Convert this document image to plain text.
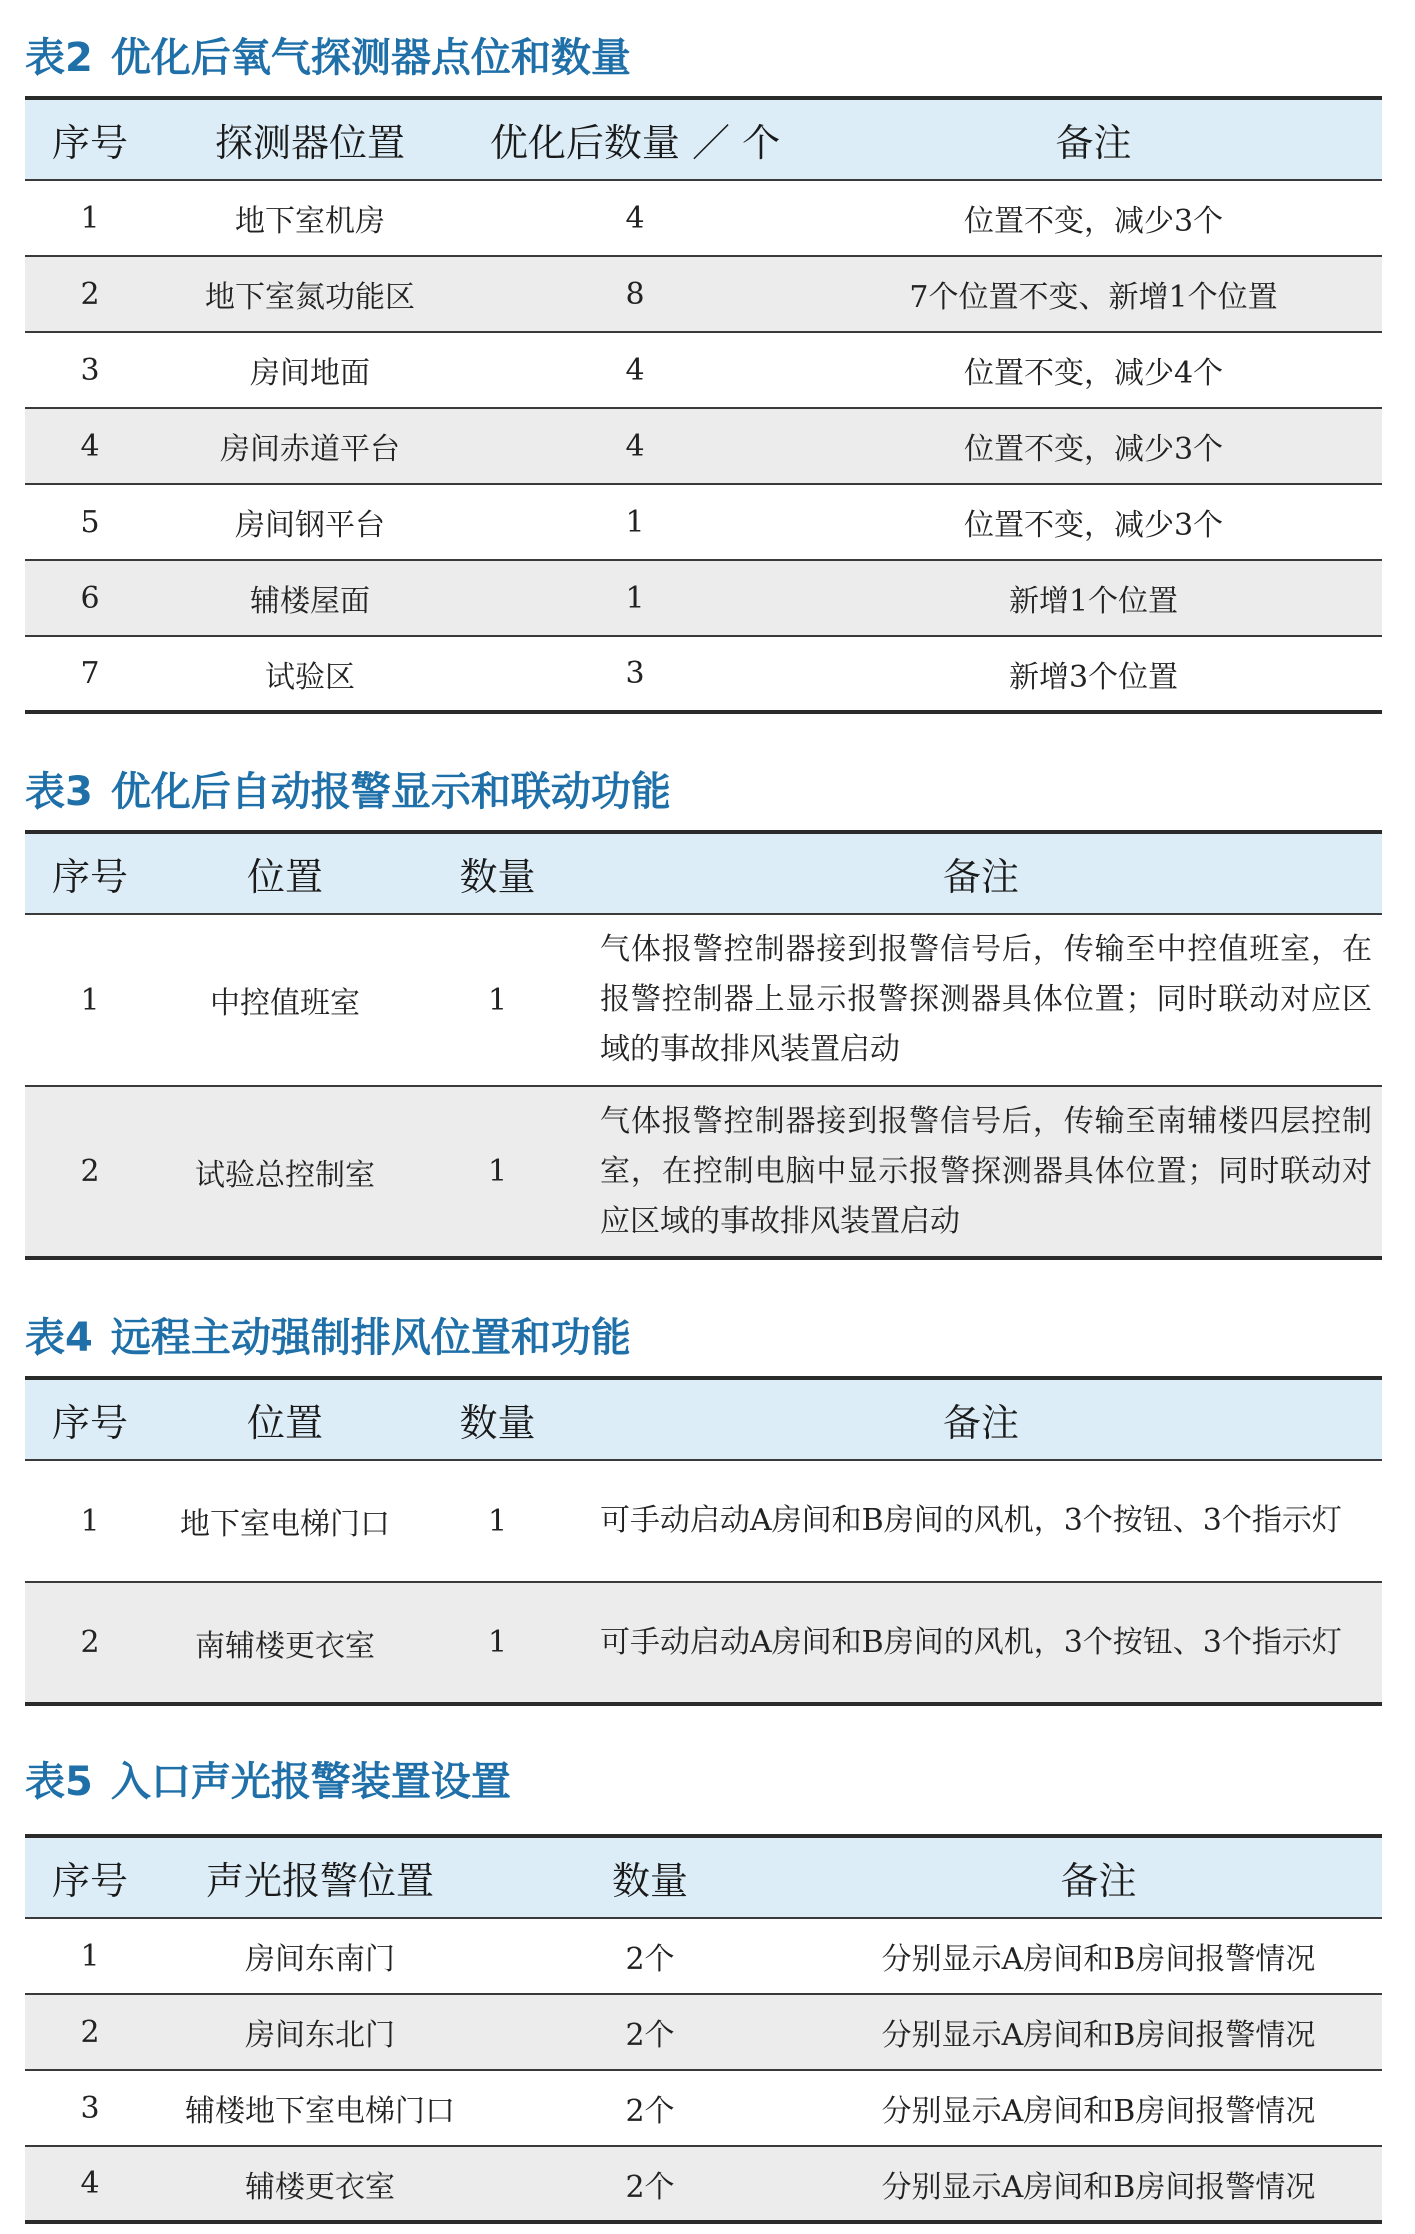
表2 优化后氧气探测器点位和数量
序号	探测器位置	优化后数量 ／ 个	备注
1	地下室机房	4	位置不变，减少3个
2	地下室氮功能区	8	7个位置不变、新增1个位置
3	房间地面	4	位置不变，减少4个
4	房间赤道平台	4	位置不变，减少3个
5	房间钢平台	1	位置不变，减少3个
6	辅楼屋面	1	新增1个位置
7	试验区	3	新增3个位置
表3 优化后自动报警显示和联动功能
序号	位置	数量	备注
1	中控值班室	1	气体报警控制器接到报警信号后，传输至中控值班室，在报警控制器上显示报警探测器具体位置；同时联动对应区域的事故排风装置启动

2	试验总控制室	1	气体报警控制器接到报警信号后，传输至南辅楼四层控制室，在控制电脑中显示报警探测器具体位置；同时联动对应区域的事故排风装置启动
表4 远程主动强制排风位置和功能
序号	位置	数量	备注
1	地下室电梯门口	1	可手动启动A房间和B房间的风机，3个按钮、3个指示灯

2	南辅楼更衣室	1	可手动启动A房间和B房间的风机，3个按钮、3个指示灯
表5 入口声光报警装置设置
序号	声光报警位置	数量	备注
1	房间东南门	2个	分别显示A房间和B房间报警情况
2	房间东北门	2个	分别显示A房间和B房间报警情况
3	辅楼地下室电梯门口	2个	分别显示A房间和B房间报警情况
4	辅楼更衣室	2个	分别显示A房间和B房间报警情况
